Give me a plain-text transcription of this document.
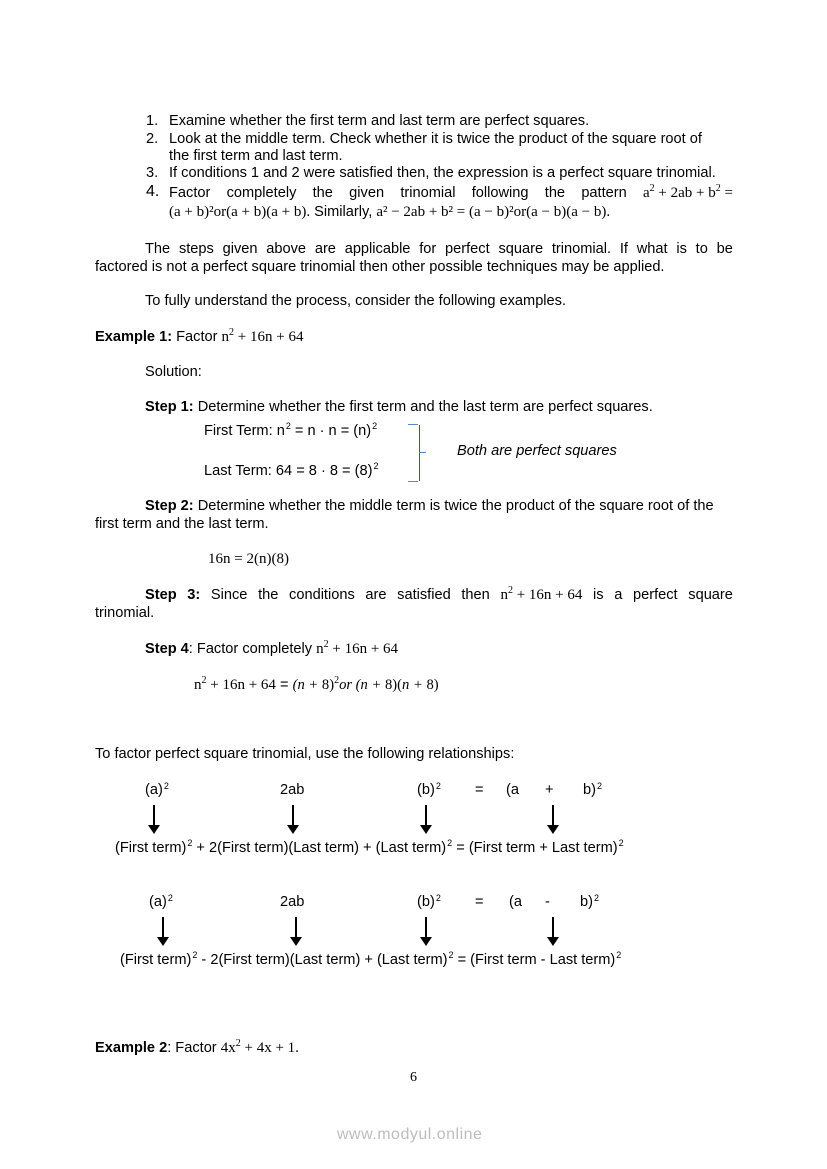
1. Examine whether the first term and last term are perfect squares.
2. Look at the middle term. Check whether it is twice the product of the square root of
the first term and last term.
3. If conditions 1 and 2 were satisfied then, the expression is a perfect square trinomial.
4. Factor completely the given trinomial following the pattern $a^2 + 2ab + b^2$ =
(a + b)²or(a + b)(a + b). Similarly, a² − 2ab + b² = (a − b)²or(a − b)(a − b).
The steps given above are applicable for perfect square trinomial. If what is to be
factored is not a perfect square trinomial then other possible techniques may be applied.
To fully understand the process, consider the following examples.
Example 1: Factor $n^2 + 16n + 64$
Solution:
Step 1: Determine whether the first term and the last term are perfect squares.
First Term: $n^2 = n \cdot n = (n)^2$
Both are perfect squares
Last Term: $64 = 8 \cdot 8 = (8)^2$
Step 2: Determine whether the middle term is twice the product of the square root of the
first term and the last term.
16n = 2(n)(8)
Step 3: Since the conditions are satisfied then $n^2 + 16n + 64$ is a perfect square
trinomial.
Step 4: Factor completely $n^2 + 16n + 64$
$n^2 + 16n + 64 = (n + 8)^2or$ (n + 8)(n + 8)
To factor perfect square trinomial, use the following relationships:
$(a)^2$	2ab	$(b)^2 = (a + b)^2$
(First term)$^2$ + 2(First term)(Last term) + (Last term)$^2$ = (First term + Last term)$^2$
$(a)^2$	2ab	$(b)^2 = (a - b)^2$
(First term)$^2$ - 2(First term)(Last term) + (Last term)$^2$ = (First term - Last term)$^2$
Example 2: Factor $4x^2 + 4x + 1$.
6
www.modyul.online
